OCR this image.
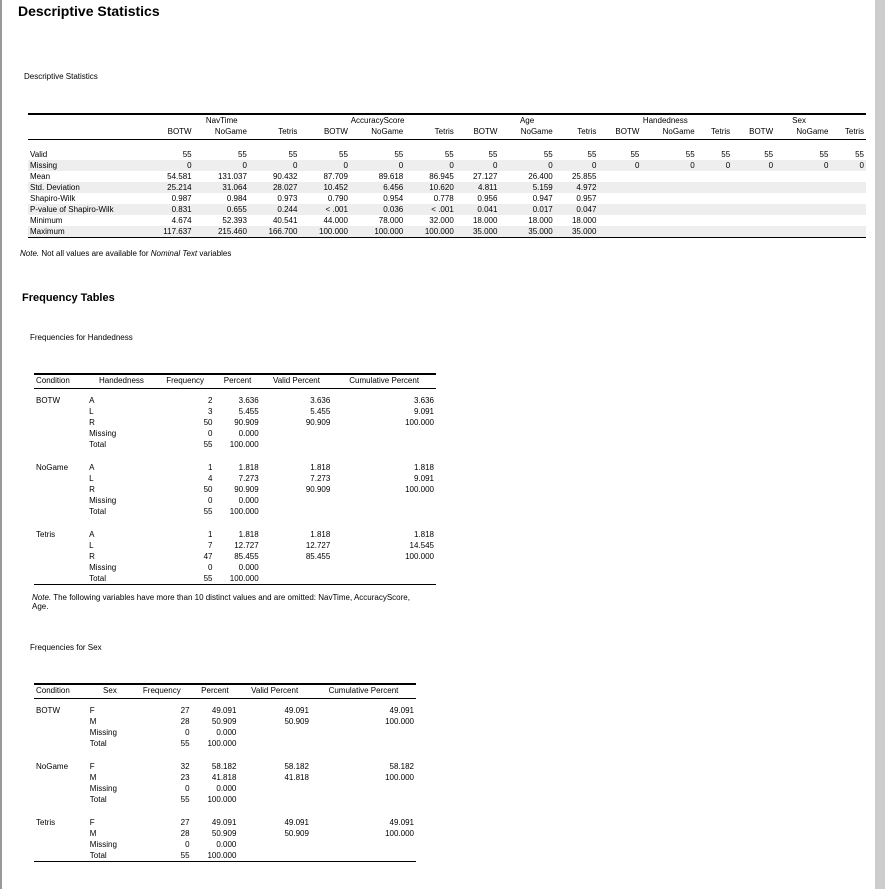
Descriptive Statistics
Descriptive Statistics
	NavTime			AccuracyScore			Age			Handedness			Sex		
	BOTW	NoGame	Tetris	BOTW	NoGame	Tetris	BOTW	NoGame	Tetris	BOTW	NoGame	Tetris	BOTW	NoGame	Tetris

Valid	55	55	55	55	55	55	55	55	55	55	55	55	55	55	55
Missing	0	0	0	0	0	0	0	0	0	0	0	0	0	0	0
Mean	54.581	131.037	90.432	87.709	89.618	86.945	27.127	26.400	25.855						
Std. Deviation	25.214	31.064	28.027	10.452	6.456	10.620	4.811	5.159	4.972						
Shapiro-Wilk	0.987	0.984	0.973	0.790	0.954	0.778	0.956	0.947	0.957						
P-value of Shapiro-Wilk	0.831	0.655	0.244	< .001	0.036	< .001	0.041	0.017	0.047						
Minimum	4.674	52.393	40.541	44.000	78.000	32.000	18.000	18.000	18.000						
Maximum	117.637	215.460	166.700	100.000	100.000	100.000	35.000	35.000	35.000						
Note. Not all values are available for Nominal Text variables
Frequency Tables
Frequencies for Handedness
Condition	Handedness	Frequency	Percent	Valid Percent	Cumulative Percent

BOTW	A	2	3.636	3.636	3.636
	L	3	5.455	5.455	9.091
	R	50	90.909	90.909	100.000
	Missing	0	0.000		
	Total	55	100.000		

NoGame	A	1	1.818	1.818	1.818
	L	4	7.273	7.273	9.091
	R	50	90.909	90.909	100.000
	Missing	0	0.000		
	Total	55	100.000		

Tetris	A	1	1.818	1.818	1.818
	L	7	12.727	12.727	14.545
	R	47	85.455	85.455	100.000
	Missing	0	0.000		
	Total	55	100.000		
Note. The following variables have more than 10 distinct values and are omitted: NavTime, AccuracyScore, Age.
Frequencies for Sex
Condition	Sex	Frequency	Percent	Valid Percent	Cumulative Percent

BOTW	F	27	49.091	49.091	49.091
	M	28	50.909	50.909	100.000
	Missing	0	0.000		
	Total	55	100.000		

NoGame	F	32	58.182	58.182	58.182
	M	23	41.818	41.818	100.000
	Missing	0	0.000		
	Total	55	100.000		

Tetris	F	27	49.091	49.091	49.091
	M	28	50.909	50.909	100.000
	Missing	0	0.000		
	Total	55	100.000		
